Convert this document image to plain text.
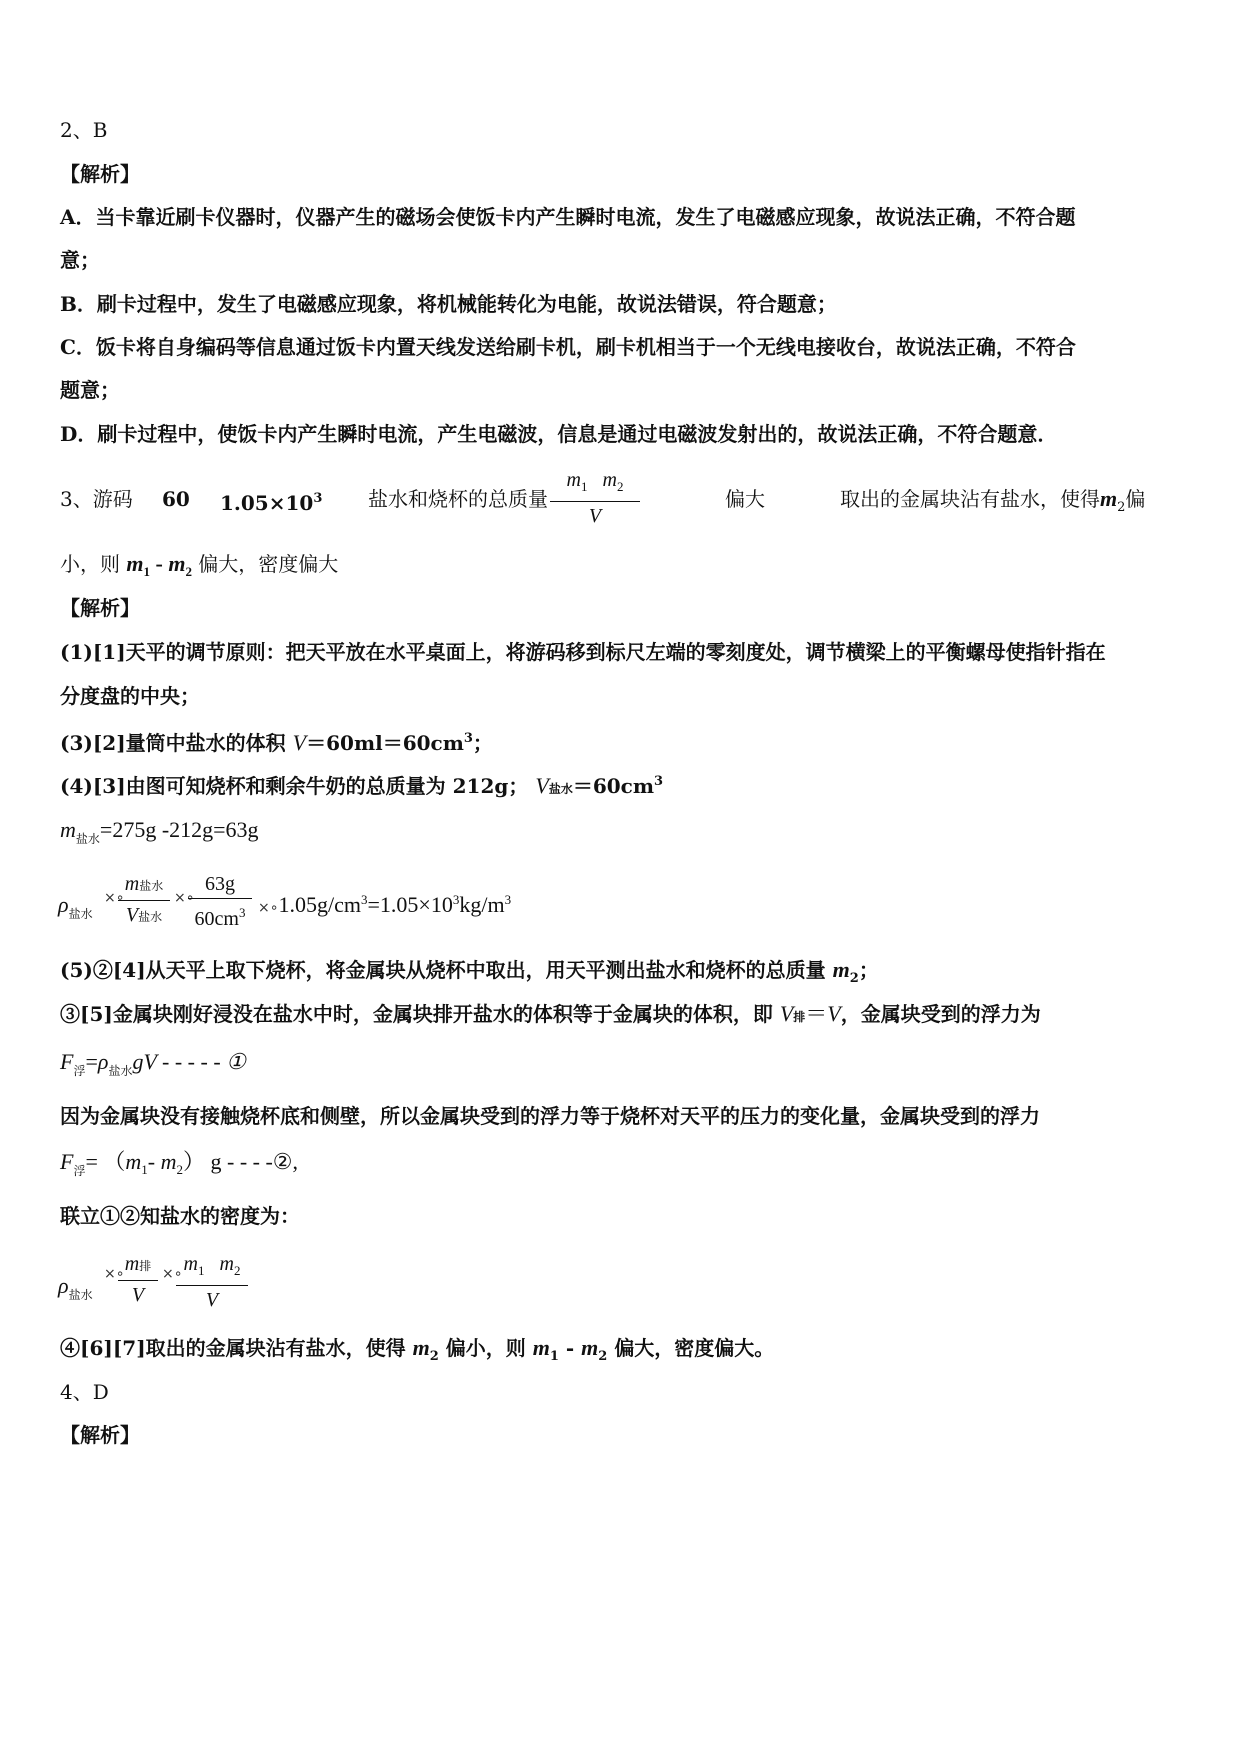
2、B
【解析】
A．当卡靠近刷卡仪器时，仪器产生的磁场会使饭卡内产生瞬时电流，发生了电磁感应现象，故说法正确，不符合题
意；
B．刷卡过程中，发生了电磁感应现象，将机械能转化为电能，故说法错误，符合题意；
C．饭卡将自身编码等信息通过饭卡内置天线发送给刷卡机，刷卡机相当于一个无线电接收台，故说法正确，不符合
题意；
D．刷卡过程中，使饭卡内产生瞬时电流，产生电磁波，信息是通过电磁波发射出的，故说法正确，不符合题意．
3、游码 60 $1.05\times 10^3$ 盐水和烧杯的总质量	偏大	取出的金属块沾有盐水，使得$m_2$偏
$m_1$ $m_2$
V
小，则 $m_1 - m_2$ 偏大，密度偏大
【解析】
(1)[1]天平的调节原则：把天平放在水平桌面上，将游码移到标尺左端的零刻度处，调节横梁上的平衡螺母使指针指在
分度盘的中央；
(3)[2]量筒中盐水的体积 $V=60ml=60cm^3$；
(4)[3]由图可知烧杯和剩余牛奶的总质量为 212g； V盐水$=60cm^3$
$m_{盐水}=275g$ -212g=63g
$\rho_{盐水}$
×∘
m盐水
V盐水
×∘
63g
$60cm^3$ $\times\circ 1.05g/cm^3=1.05\times 10^3kg/m^3$
(5)②[4]从天平上取下烧杯，将金属块从烧杯中取出，用天平测出盐水和烧杯的总质量 $m_2$；
③[5]金属块刚好浸没在盐水中时，金属块排开盐水的体积等于金属块的体积，即 V排＝V，金属块受到的浮力为
$F_浮=\rho_{盐水}gV$ - - - - - ①
因为金属块没有接触烧杯底和侧壁，所以金属块受到的浮力等于烧杯对天平的压力的变化量，金属块受到的浮力
$F_浮= (m_1-$ $m_2$） g - - - -②,
联立①②知盐水的密度为：
$\rho_{盐水}$
×∘ m排
V
×∘ $m_1$ $m_2$
V
④[6][7]取出的金属块沾有盐水，使得 $m_2$ 偏小，则 $m_1 - m_2$ 偏大，密度偏大。
4、D
【解析】
